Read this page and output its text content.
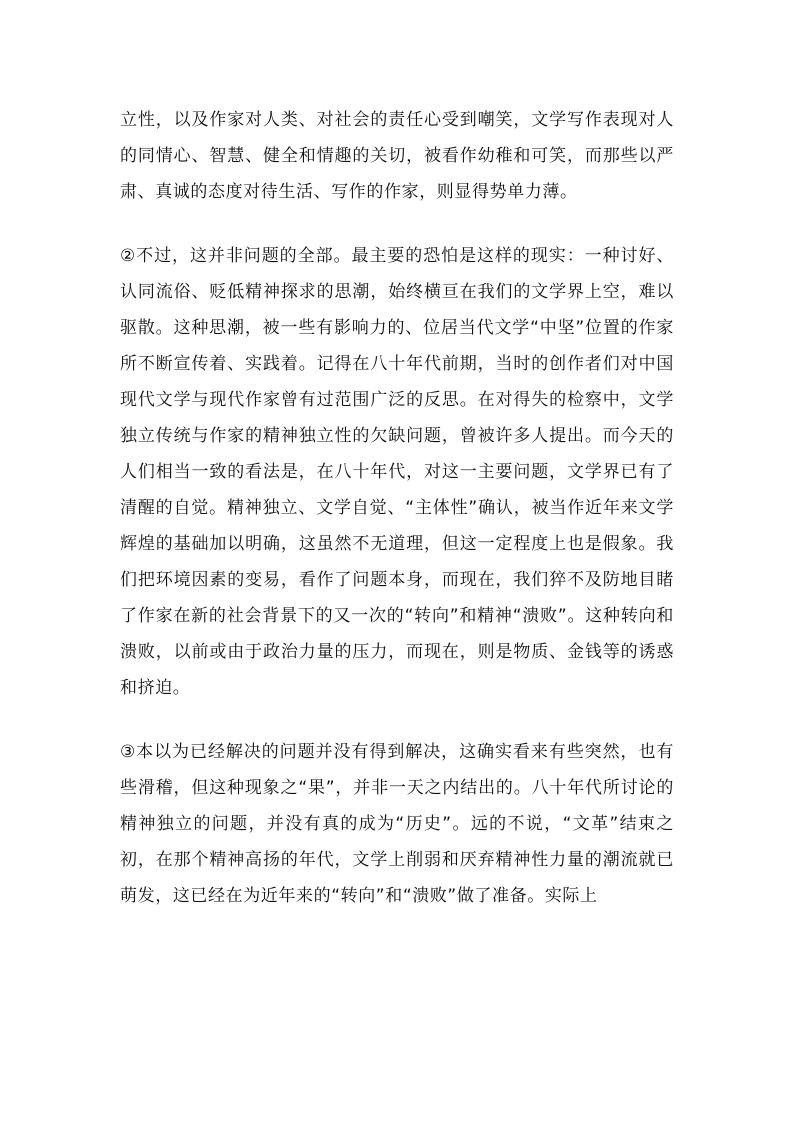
立性，以及作家对人类、对社会的责任心受到嘲笑，文学写作表现对人的同情心、智慧、健全和情趣的关切，被看作幼稚和可笑，而那些以严肃、真诚的态度对待生活、写作的作家，则显得势单力薄。

②不过，这并非问题的全部。最主要的恐怕是这样的现实：一种讨好、认同流俗、贬低精神探求的思潮，始终横亘在我们的文学界上空，难以驱散。这种思潮，被一些有影响力的、位居当代文学“中坚”位置的作家所不断宣传着、实践着。记得在八十年代前期，当时的创作者们对中国现代文学与现代作家曾有过范围广泛的反思。在对得失的检察中，文学独立传统与作家的精神独立性的欠缺问题，曾被许多人提出。而今天的人们相当一致的看法是，在八十年代，对这一主要问题，文学界已有了清醒的自觉。精神独立、文学自觉、“主体性”确认，被当作近年来文学辉煌的基础加以明确，这虽然不无道理，但这一定程度上也是假象。我们把环境因素的变易，看作了问题本身，而现在，我们猝不及防地目睹了作家在新的社会背景下的又一次的“转向”和精神“溃败”。这种转向和溃败，以前或由于政治力量的压力，而现在，则是物质、金钱等的诱惑和挤迫。

③本以为已经解决的问题并没有得到解决，这确实看来有些突然，也有些滑稽，但这种现象之“果”，并非一天之内结出的。八十年代所讨论的精神独立的问题，并没有真的成为“历史”。远的不说，“文革”结束之初，在那个精神高扬的年代，文学上削弱和厌弃精神性力量的潮流就已萌发，这已经在为近年来的“转向”和“溃败”做了准备。实际上
